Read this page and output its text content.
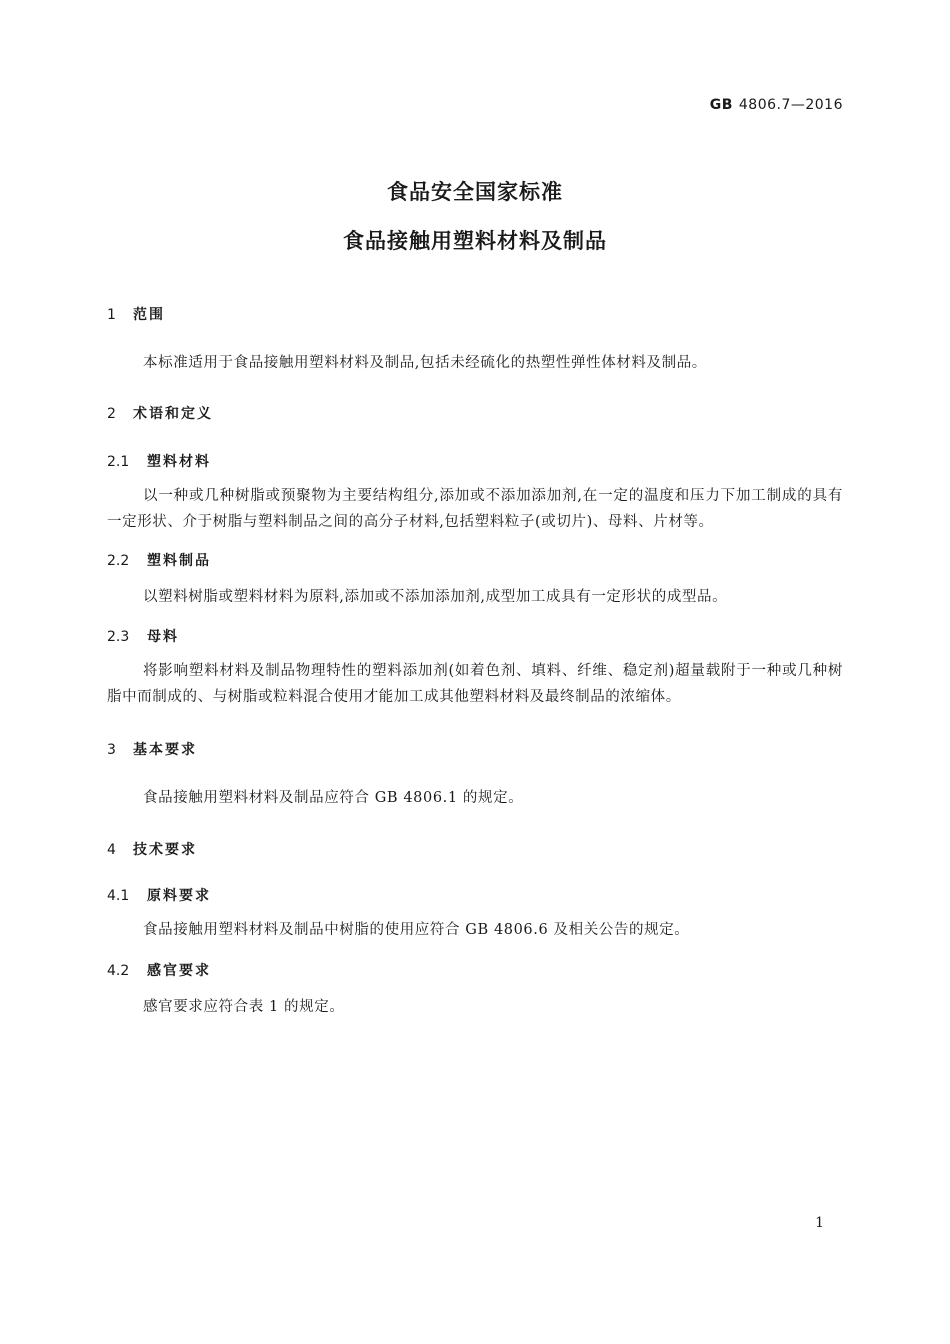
GB 4806.7—2016
食品安全国家标准
食品接触用塑料材料及制品
1 范围
本标准适用于食品接触用塑料材料及制品,包括未经硫化的热塑性弹性体材料及制品。
2 术语和定义
2.1 塑料材料
以一种或几种树脂或预聚物为主要结构组分,添加或不添加添加剂,在一定的温度和压力下加工制成的具有一定形状、介于树脂与塑料制品之间的高分子材料,包括塑料粒子(或切片)、母料、片材等。
2.2 塑料制品
以塑料树脂或塑料材料为原料,添加或不添加添加剂,成型加工成具有一定形状的成型品。
2.3 母料
将影响塑料材料及制品物理特性的塑料添加剂(如着色剂、填料、纤维、稳定剂)超量载附于一种或几种树脂中而制成的、与树脂或粒料混合使用才能加工成其他塑料材料及最终制品的浓缩体。
3 基本要求
食品接触用塑料材料及制品应符合 GB 4806.1 的规定。
4 技术要求
4.1 原料要求
食品接触用塑料材料及制品中树脂的使用应符合 GB 4806.6 及相关公告的规定。
4.2 感官要求
感官要求应符合表 1 的规定。
1
